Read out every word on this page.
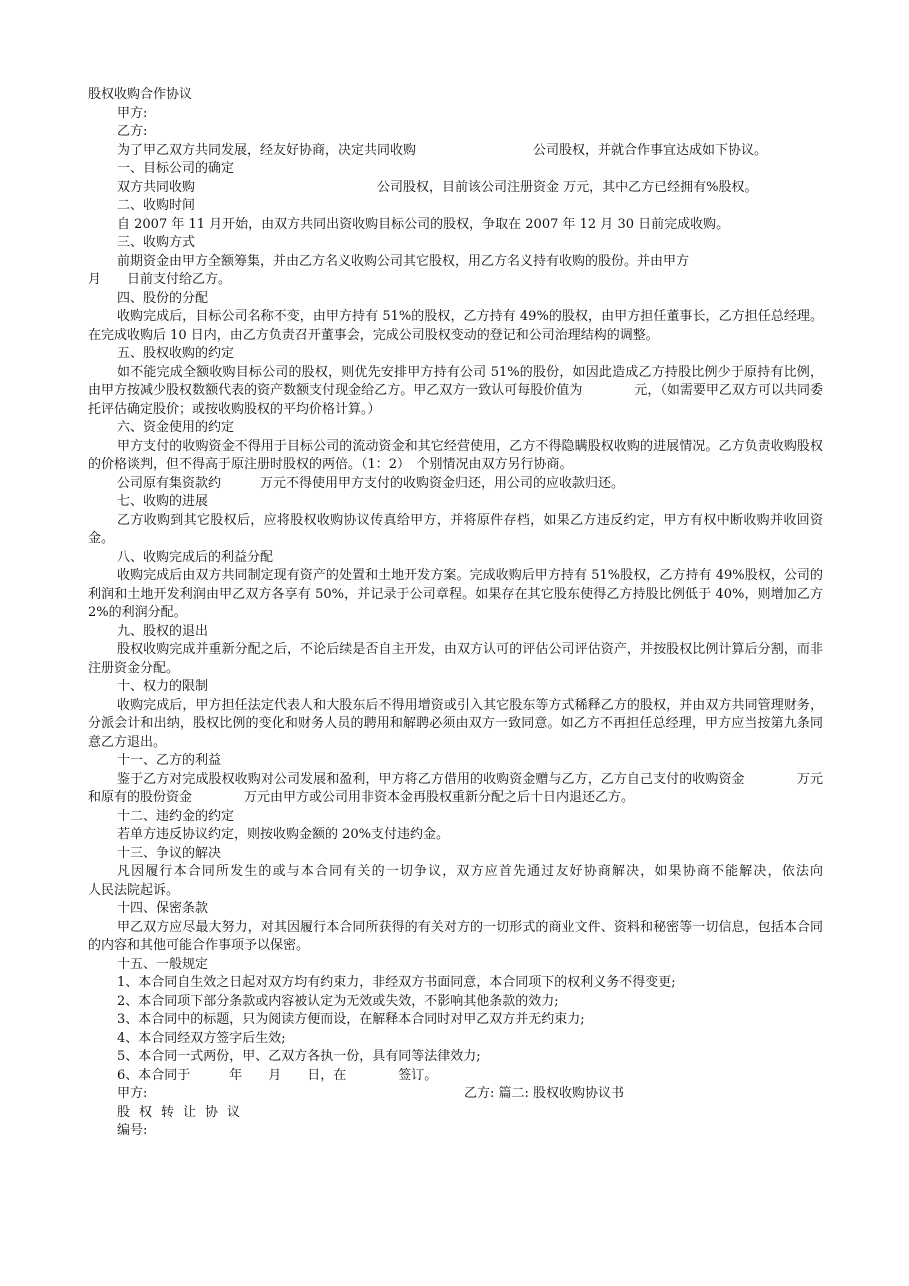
股权收购合作协议
甲方:
乙方:
为了甲乙双方共同发展，经友好协商，决定共同收购　　　　　　　　　公司股权，并就合作事宜达成如下协议。
一、目标公司的确定
双方共同收购　　　　　　　　　　　　　　公司股权，目前该公司注册资金 万元，其中乙方已经拥有%股权。
二、收购时间
自 2007 年 11 月开始，由双方共同出资收购目标公司的股权，争取在 2007 年 12 月 30 日前完成收购。
三、收购方式
前期资金由甲方全额筹集，并由乙方名义收购公司其它股权，用乙方名义持有收购的股份。并由甲方
月　　日前支付给乙方。
四、股份的分配
收购完成后，目标公司名称不变，由甲方持有 51%的股权，乙方持有 49%的股权，由甲方担任董事长，乙方担任总经理。在完成收购后 10 日内，由乙方负责召开董事会，完成公司股权变动的登记和公司治理结构的调整。
五、股权收购的约定
如不能完成全额收购目标公司的股权，则优先安排甲方持有公司 51%的股份，如因此造成乙方持股比例少于原持有比例，由甲方按减少股权数额代表的资产数额支付现金给乙方。甲乙双方一致认可每股价值为　　　　元，（如需要甲乙双方可以共同委托评估确定股价；或按收购股权的平均价格计算。）
六、资金使用的约定
甲方支付的收购资金不得用于目标公司的流动资金和其它经营使用，乙方不得隐瞒股权收购的进展情况。乙方负责收购股权的价格谈判，但不得高于原注册时股权的两倍。（1：2）　个别情况由双方另行协商。
公司原有集资款约　　　万元不得使用甲方支付的收购资金归还，用公司的应收款归还。
七、收购的进展
乙方收购到其它股权后，应将股权收购协议传真给甲方，并将原件存档，如果乙方违反约定，甲方有权中断收购并收回资金。
八、收购完成后的利益分配
收购完成后由双方共同制定现有资产的处置和土地开发方案。完成收购后甲方持有 51%股权，乙方持有 49%股权，公司的利润和土地开发利润由甲乙双方各享有 50%，并记录于公司章程。如果存在其它股东使得乙方持股比例低于 40%，则增加乙方 2%的利润分配。
九、股权的退出
股权收购完成并重新分配之后，不论后续是否自主开发，由双方认可的评估公司评估资产，并按股权比例计算后分割，而非注册资金分配。
十、权力的限制
收购完成后，甲方担任法定代表人和大股东后不得用增资或引入其它股东等方式稀释乙方的股权，并由双方共同管理财务，分派会计和出纳，股权比例的变化和财务人员的聘用和解聘必须由双方一致同意。如乙方不再担任总经理，甲方应当按第九条同意乙方退出。
十一、乙方的利益
鉴于乙方对完成股权收购对公司发展和盈利，甲方将乙方借用的收购资金赠与乙方，乙方自己支付的收购资金　　　　万元和原有的股份资金　　　　万元由甲方或公司用非资本金再股权重新分配之后十日内退还乙方。
十二、违约金的约定
若单方违反协议约定，则按收购金额的 20%支付违约金。
十三、争议的解决
凡因履行本合同所发生的或与本合同有关的一切争议，双方应首先通过友好协商解决，如果协商不能解决，依法向　　　　人民法院起诉。
十四、保密条款
甲乙双方应尽最大努力，对其因履行本合同所获得的有关对方的一切形式的商业文件、资料和秘密等一切信息，包括本合同的内容和其他可能合作事项予以保密。
十五、一般规定
1、本合同自生效之日起对双方均有约束力，非经双方书面同意，本合同项下的权利义务不得变更;
2、本合同项下部分条款或内容被认定为无效或失效，不影响其他条款的效力;
3、本合同中的标题，只为阅读方便而设，在解释本合同时对甲乙双方并无约束力;
4、本合同经双方签字后生效;
5、本合同一式两份，甲、乙双方各执一份，具有同等法律效力;
6、本合同于　　　年　　月　　日，在　　　　签订。
甲方:	乙方: 篇二: 股权收购协议书
股权转让协议
编号:
